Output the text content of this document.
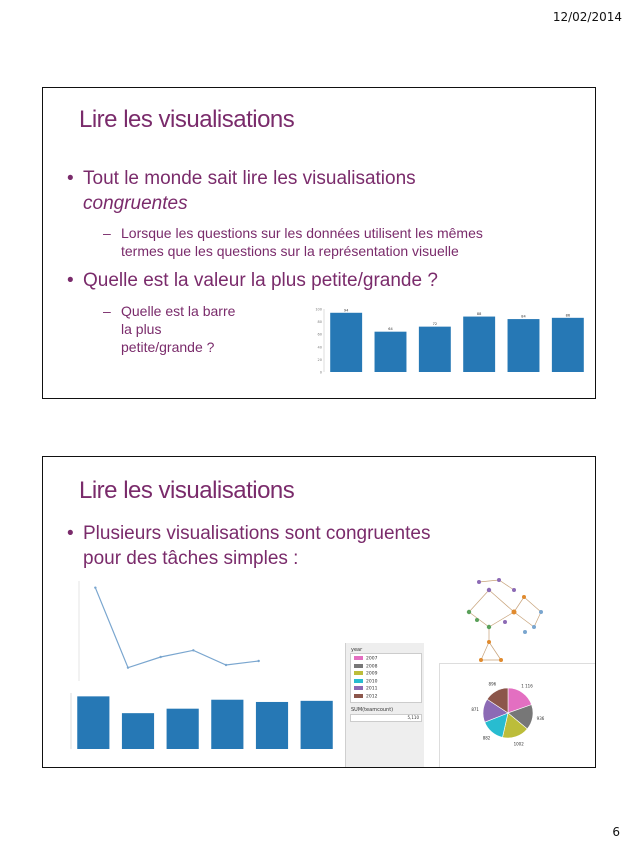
12/02/2014
Lire les visualisations
• Tout le monde sait lire les visualisations
congruentes
– Lorsque les questions sur les données utilisent les mêmes
termes que les questions sur la représentation visuelle
• Quelle est la valeur la plus petite/grande ?
– Quelle est la barre
la plus
petite/grande ?
0
20
40
60
80
100	94
64
72
88
84	86
Lire les visualisations
• Plusieurs visualisations sont congruentes
pour des tâches simples :
year
2007
2008
2009
2010
2011
2012
SUM(teamcount)
5,110
1 116
936
1002
882
871
896
6
